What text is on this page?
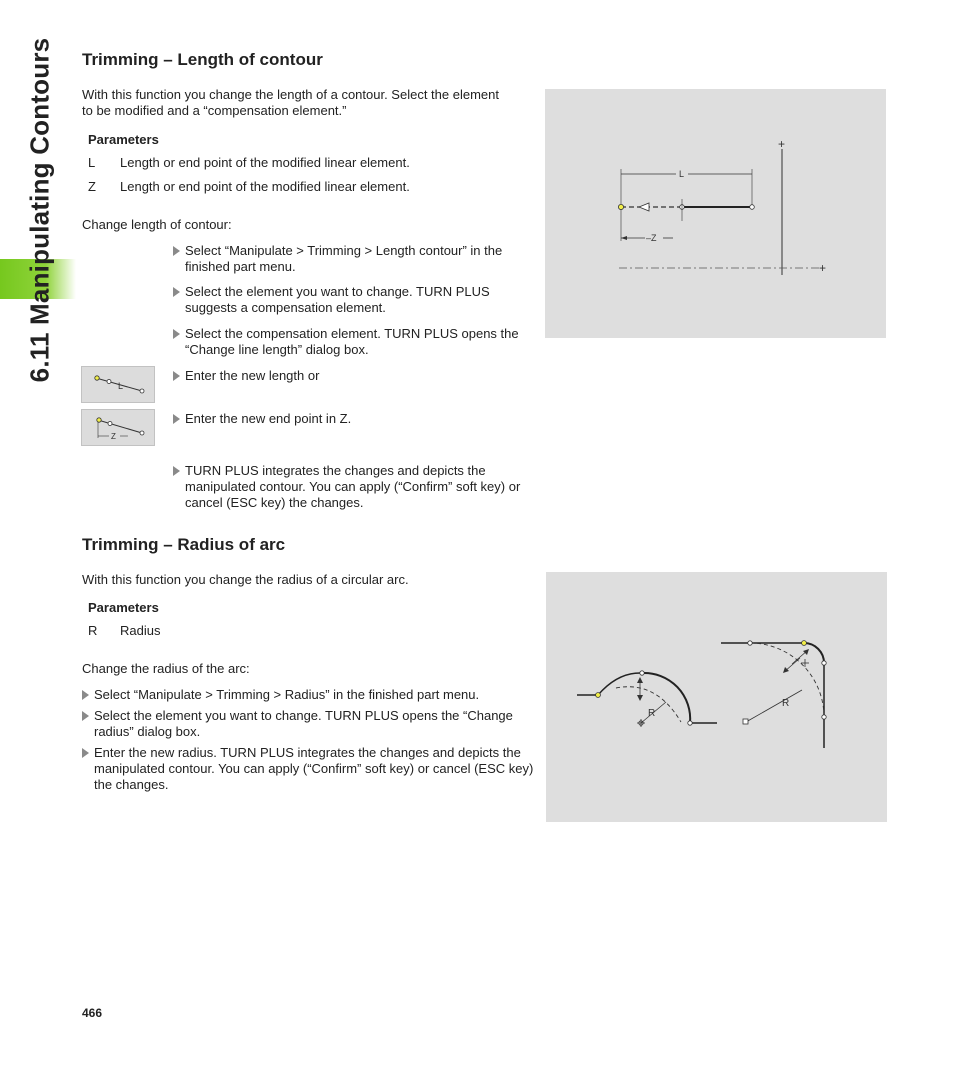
6.11 Manipulating Contours Trimming – Length of contour

With this function you change the length of a contour. Select the element to be modified and a “compensation element.”

Parameters
L Length or end point of the modified linear element.
Z Length or end point of the modified linear element.
Change length of contour:
Select “Manipulate > Trimming > Length contour” in the finished part menu.
Select the element you want to change. TURN PLUS suggests a compensation element.
Select the compensation element. TURN PLUS opens the “Change line length” dialog box.
Enter the new length or
Enter the new end point in Z.
TURN PLUS integrates the changes and depicts the manipulated contour. You can apply (“Confirm” soft key) or cancel (ESC key) the changes.
L
Z
+
+
L
–Z
Trimming – Radius of arc

With this function you change the radius of a circular arc.

Parameters
R Radius
Change the radius of the arc:
Select “Manipulate > Trimming > Radius” in the finished part menu.
Select the element you want to change. TURN PLUS opens the “Change radius” dialog box.
Enter the new radius. TURN PLUS integrates the changes and depicts the manipulated contour. You can apply (“Confirm” soft key) or cancel (ESC key) the changes.
R
R
466
